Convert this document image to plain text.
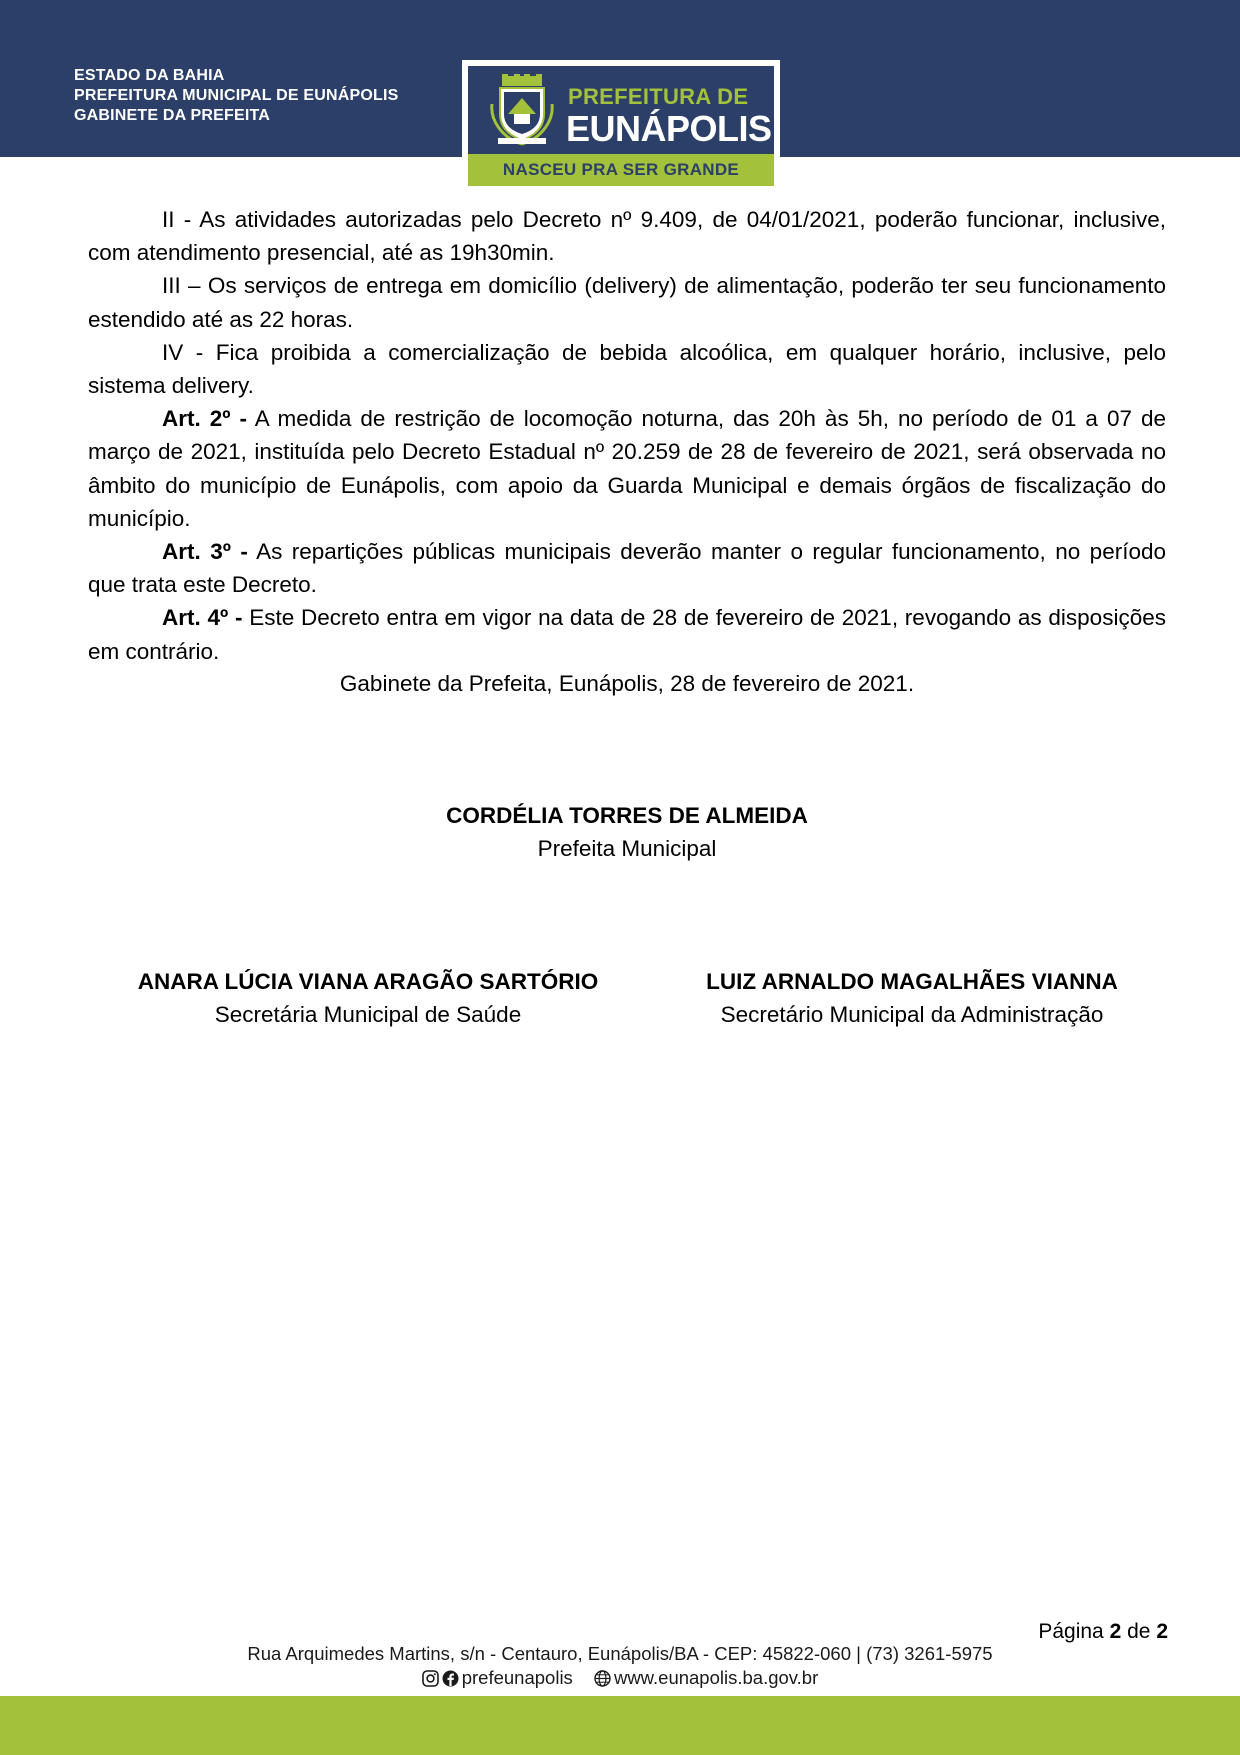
ESTADO DA BAHIA
PREFEITURA MUNICIPAL DE EUNÁPOLIS
GABINETE DA PREFEITA
PREFEITURA DE
EUNÁPOLIS
NASCEU PRA SER GRANDE

II - As atividades autorizadas pelo Decreto nº 9.409, de 04/01/2021, poderão funcionar, inclusive, com atendimento presencial, até as 19h30min.

III – Os serviços de entrega em domicílio (delivery) de alimentação, poderão ter seu funcionamento estendido até as 22 horas.

IV - Fica proibida a comercialização de bebida alcoólica, em qualquer horário, inclusive, pelo sistema delivery.

Art. 2º - A medida de restrição de locomoção noturna, das 20h às 5h, no período de 01 a 07 de março de 2021, instituída pelo Decreto Estadual nº 20.259 de 28 de fevereiro de 2021, será observada no âmbito do município de Eunápolis, com apoio da Guarda Municipal e demais órgãos de fiscalização do município.

Art. 3º - As repartições públicas municipais deverão manter o regular funcionamento, no período que trata este Decreto.

Art. 4º - Este Decreto entra em vigor na data de 28 de fevereiro de 2021, revogando as disposições em contrário.

Gabinete da Prefeita, Eunápolis, 28 de fevereiro de 2021.
CORDÉLIA TORRES DE ALMEIDA
Prefeita Municipal
ANARA LÚCIA VIANA ARAGÃO SARTÓRIO
Secretária Municipal de Saúde
LUIZ ARNALDO MAGALHÃES VIANNA
Secretário Municipal da Administração
Página 2 de 2
Rua Arquimedes Martins, s/n - Centauro, Eunápolis/BA - CEP: 45822-060 | (73) 3261-5975
prefeunapolis www.eunapolis.ba.gov.br
